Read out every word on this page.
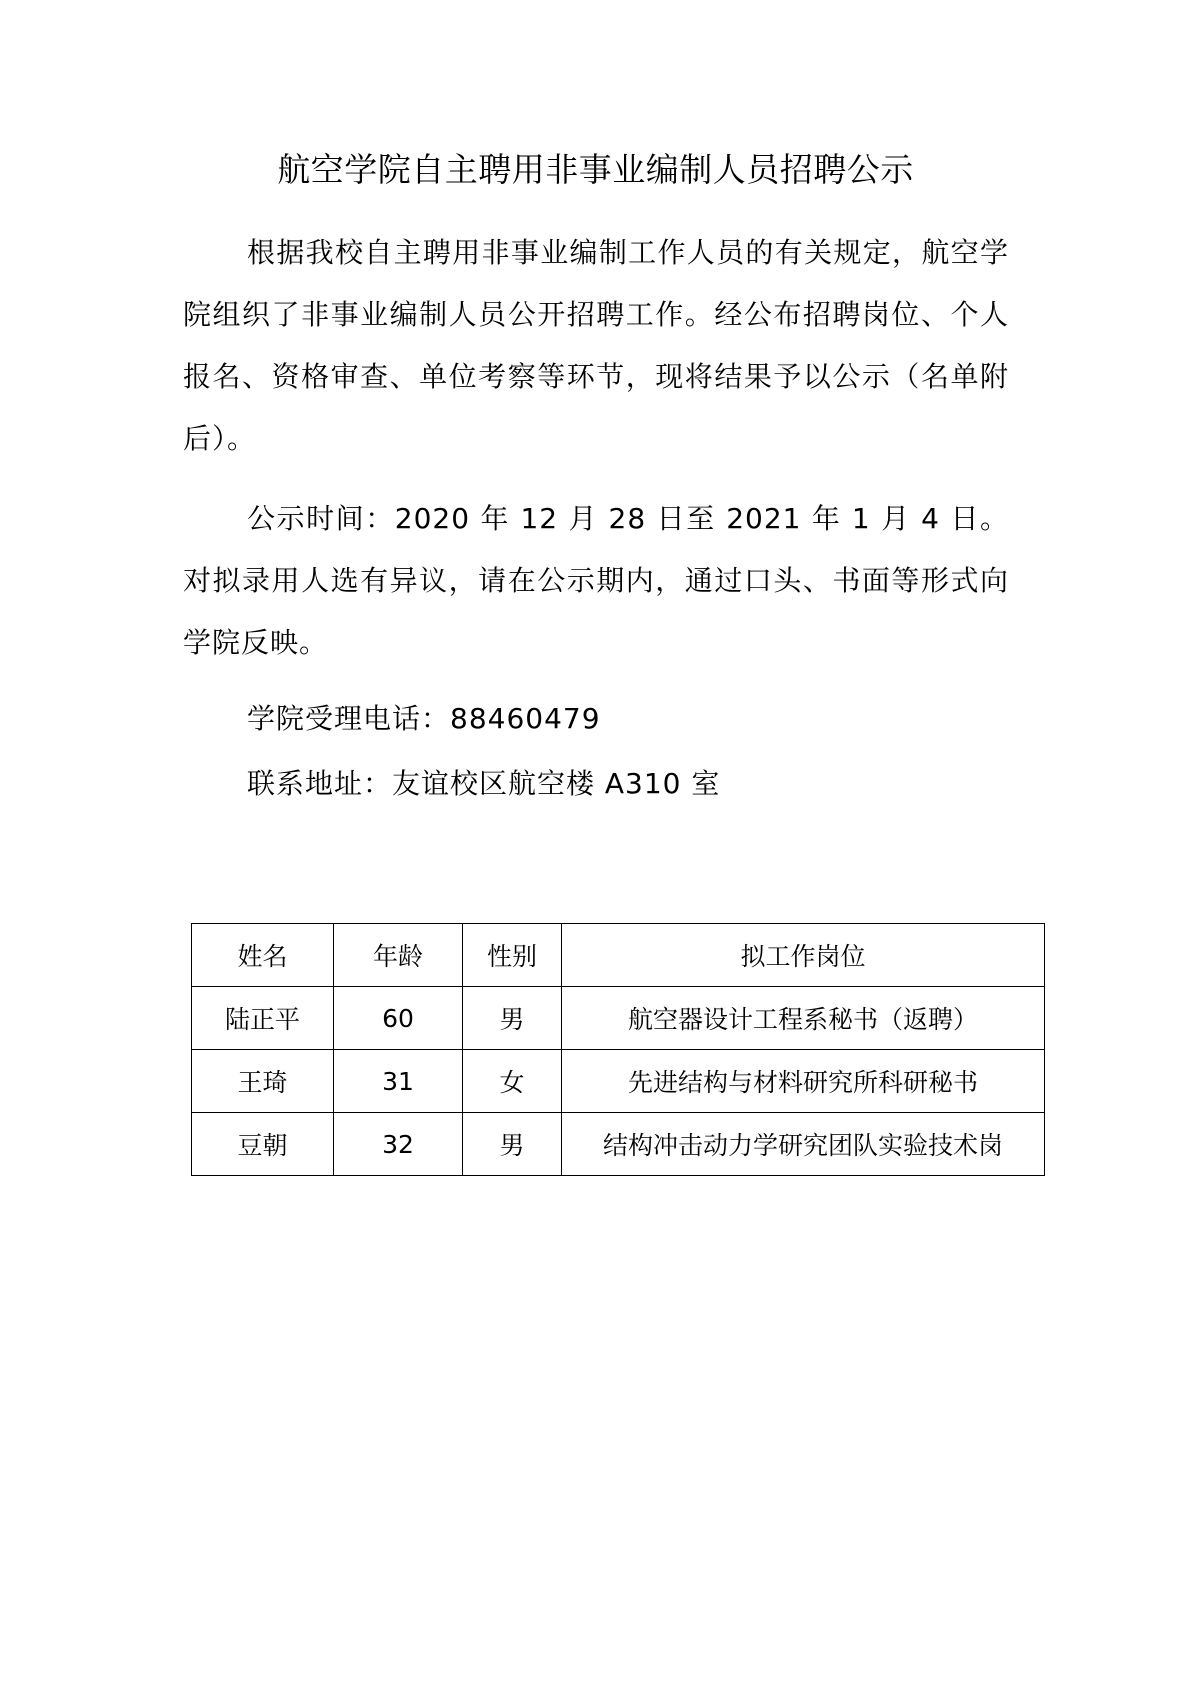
航空学院自主聘用非事业编制人员招聘公示

根据我校自主聘用非事业编制工作人员的有关规定，航空学院组织了非事业编制人员公开招聘工作。经公布招聘岗位、个人报名、资格审查、单位考察等环节，现将结果予以公示（名单附后）。

公示时间：2020 年 12 月 28 日至 2021 年 1 月 4 日。对拟录用人选有异议，请在公示期内，通过口头、书面等形式向学院反映。

学院受理电话：88460479

联系地址：友谊校区航空楼 A310 室

姓名	年龄	性别	拟工作岗位
陆正平	60	男	航空器设计工程系秘书（返聘）
王琦	31	女	先进结构与材料研究所科研秘书
豆朝	32	男	结构冲击动力学研究团队实验技术岗
